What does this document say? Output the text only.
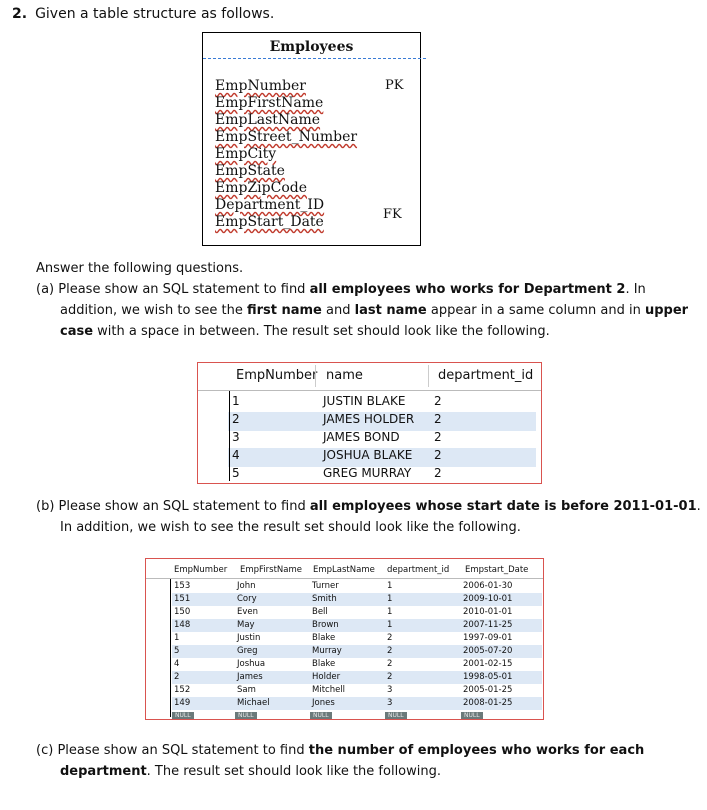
2. Given a table structure as follows.
Employees
EmpNumber
EmpFirstName
EmpLastName
EmpStreet_Number
EmpCity
EmpState
EmpZipCode
Department_ID
EmpStart_Date
PK
FK
Answer the following questions.
(a) Please show an SQL statement to find all employees who works for Department 2. In addition, we wish to see the first name and last name appear in a same column and in upper case with a space in between. The result set should look like the following.
EmpNumber name	department_id
1	JUSTIN BLAKE 2
2	JAMES HOLDER 2
3	JAMES BOND	2
4	JOSHUA BLAKE 2
5	GREG MURRAY 2
(b) Please show an SQL statement to find all employees whose start date is before 2011-01-01. In addition, we wish to see the result set should look like the following.
EmpNumber EmpFirstName EmpLastName department_id Empstart_Date
153	John	Turner	1	2006-01-30
151	Cory	Smith	1	2009-10-01
150	Even	Bell	1	2010-01-01
148	May	Brown	1	2007-11-25
1	Justin	Blake	2	1997-09-01
5	Greg	Murray	2	2005-07-20
4	Joshua	Blake	2	2001-02-15
2	James	Holder	2	1998-05-01
152	Sam	Mitchell	3	2005-01-25
149	Michael	Jones	3	2008-01-25
NULL	NULL	NULL	NULL	NULL
(c) Please show an SQL statement to find the number of employees who works for each department. The result set should look like the following.
